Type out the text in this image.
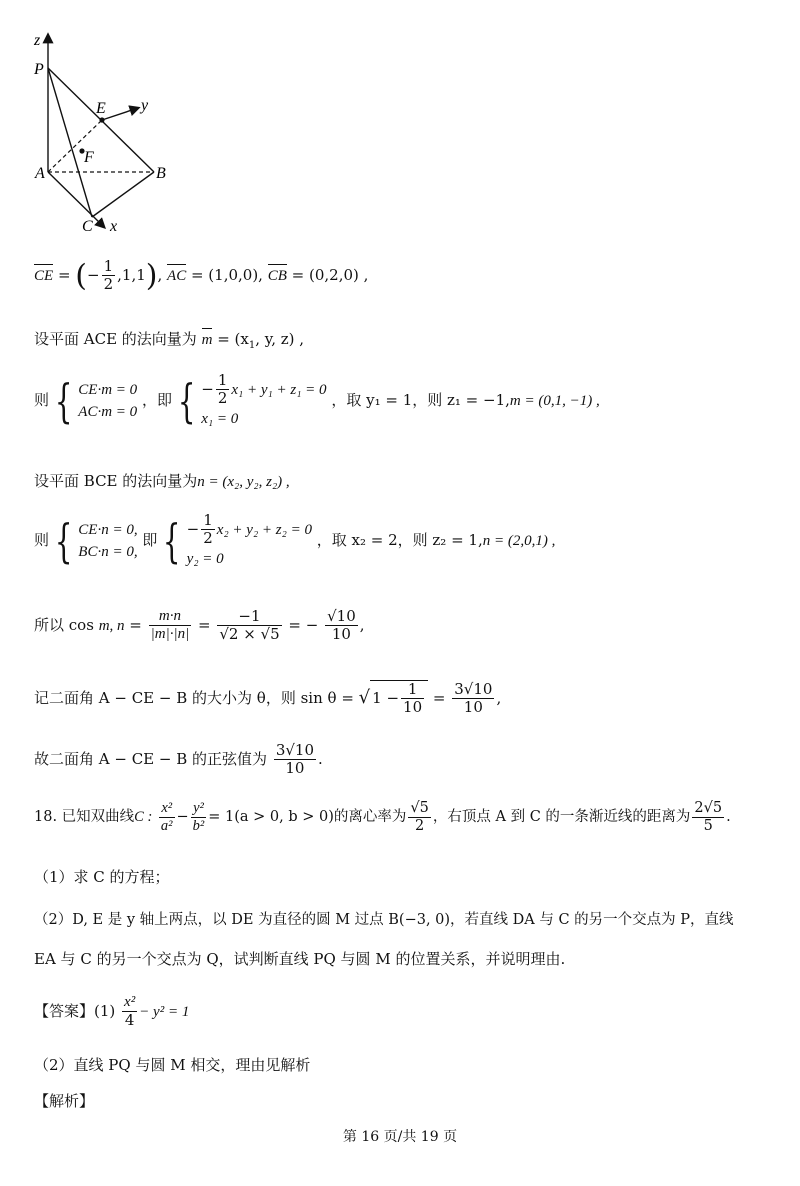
z
P
E y
F
A	B
C x
CE = (− $\frac{1}{2} ,1,1$), AC = (1,0,0), CB = (0,2,0) ,
设平面 ACE 的法向量为 $m = (x_1$, y, z) ,
则 { CE·m = 0
AC·m = 0
，即 { − $\frac{1}{2} x_1 + y_1 + z_1 = 0$
x₁ = 0
，取 y₁ = 1，则 z₁ = −1,m = (0,1, −1) ,
设平面 BCE 的法向量为n = (x₂, y₂, z₂) ,
则 { CE·n = 0,
BC·n = 0,
即 { − $\frac{1}{2} x_2 + y_2 + z_2 = 0$
y₂ = 0
，取 x₂ = 2，则 z₂ = 1,n = (2,0,1) ,
所以 cos m, $n = \frac{m\cdot n}{|m|\cdot|n|} = \frac{-1}{√2 \times √5}$ = − $\frac{√10}{10}$ ,
记二面角 A − CE − B 的大小为 θ，则 sin θ = √ $1 - \frac{1}{10} = \frac{3√10}{10}$ ,
故二面角 A − CE − B 的正弦值为 $\frac{3√10}{10}$ .
18. 已知双曲线C : $\frac{\text{x²}}{\text{a²}} - \frac{\text{y²}}{\text{b²}} = 1(a > 0$, b > 0)的离心率为 $\frac{√5}{2}$ ，右顶点 A 到 C 的一条渐近线的距离为 $\frac{2√5}{5}$ .
（1）求 C 的方程；
（2）D, E 是 y 轴上两点，以 DE 为直径的圆 M 过点 B(−3, 0)，若直线 DA 与 C 的另一个交点为 P，直线
EA 与 C 的另一个交点为 Q，试判断直线 PQ 与圆 M 的位置关系，并说明理由.
【答案】$(1) \frac{\text{x²}}{4} - y^2 = 1$
（2）直线 PQ 与圆 M 相交，理由见解析
【解析】
第 16 页/共 19 页
